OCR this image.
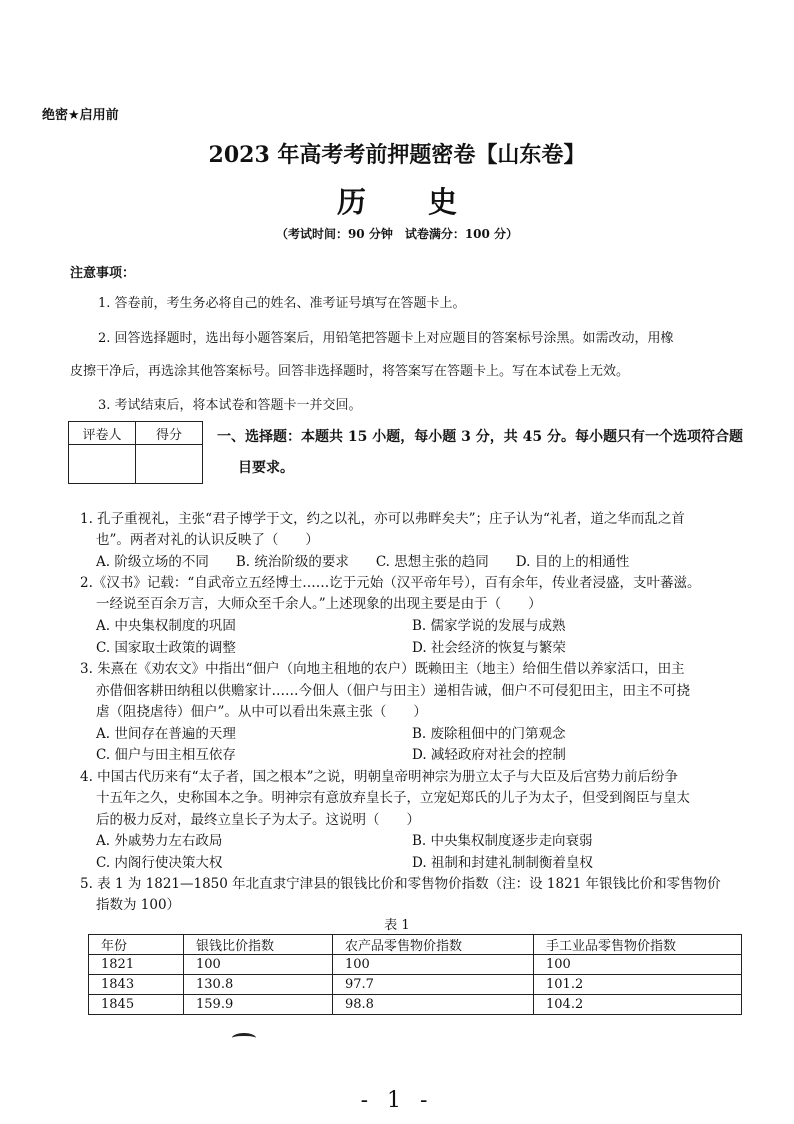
绝密★启用前
2023 年高考考前押题密卷【山东卷】
历 史
（考试时间：90 分钟　试卷满分：100 分）
注意事项：
1. 答卷前，考生务必将自己的姓名、准考证号填写在答题卡上。
2. 回答选择题时，选出每小题答案后，用铅笔把答题卡上对应题目的答案标号涂黑。如需改动，用橡
皮擦干净后，再选涂其他答案标号。回答非选择题时，将答案写在答题卡上。写在本试卷上无效。
3. 考试结束后，将本试卷和答题卡一并交回。
评卷人	得分
		一、选择题：本题共 15 小题，每小题 3 分，共 45 分。每小题只有一个选项符合题
目要求。
1. 孔子重视礼，主张“君子博学于文，约之以礼，亦可以弗畔矣夫”；庄子认为“礼者，道之华而乱之首
也”。两者对礼的认识反映了（　　）
A. 阶级立场的不同　　B. 统治阶级的要求　　C. 思想主张的趋同　　D. 目的上的相通性
2.《汉书》记载：“自武帝立五经博士……讫于元始（汉平帝年号），百有余年，传业者浸盛，支叶蕃滋。
一经说至百余万言，大师众至千余人。”上述现象的出现主要是由于（　　）
A. 中央集权制度的巩固	B. 儒家学说的发展与成熟
C. 国家取士政策的调整	D. 社会经济的恢复与繁荣
3. 朱熹在《劝农文》中指出“佃户（向地主租地的农户）既赖田主（地主）给佃生借以养家活口，田主
亦借佃客耕田纳租以供赡家计……今佃人（佃户与田主）递相告诫，佃户不可侵犯田主，田主不可挠
虐（阻挠虐待）佃户”。从中可以看出朱熹主张（　　）
A. 世间存在普遍的天理	B. 废除租佃中的门第观念
C. 佃户与田主相互依存	D. 减轻政府对社会的控制
4. 中国古代历来有“太子者，国之根本”之说，明朝皇帝明神宗为册立太子与大臣及后宫势力前后纷争
十五年之久，史称国本之争。明神宗有意放弃皇长子，立宠妃郑氏的儿子为太子，但受到阁臣与皇太
后的极力反对，最终立皇长子为太子。这说明（　　）
A. 外戚势力左右政局	B. 中央集权制度逐步走向衰弱
C. 内阁行使决策大权	D. 祖制和封建礼制制衡着皇权
5. 表 1 为 1821—1850 年北直隶宁津县的银钱比价和零售物价指数（注：设 1821 年银钱比价和零售物价
指数为 100）
表 1
年份	银钱比价指数	农产品零售物价指数	手工业品零售物价指数
1821	100	100	100
1843	130.8	97.7	101.2
1845	159.9	98.8	104.2
- 1 -
